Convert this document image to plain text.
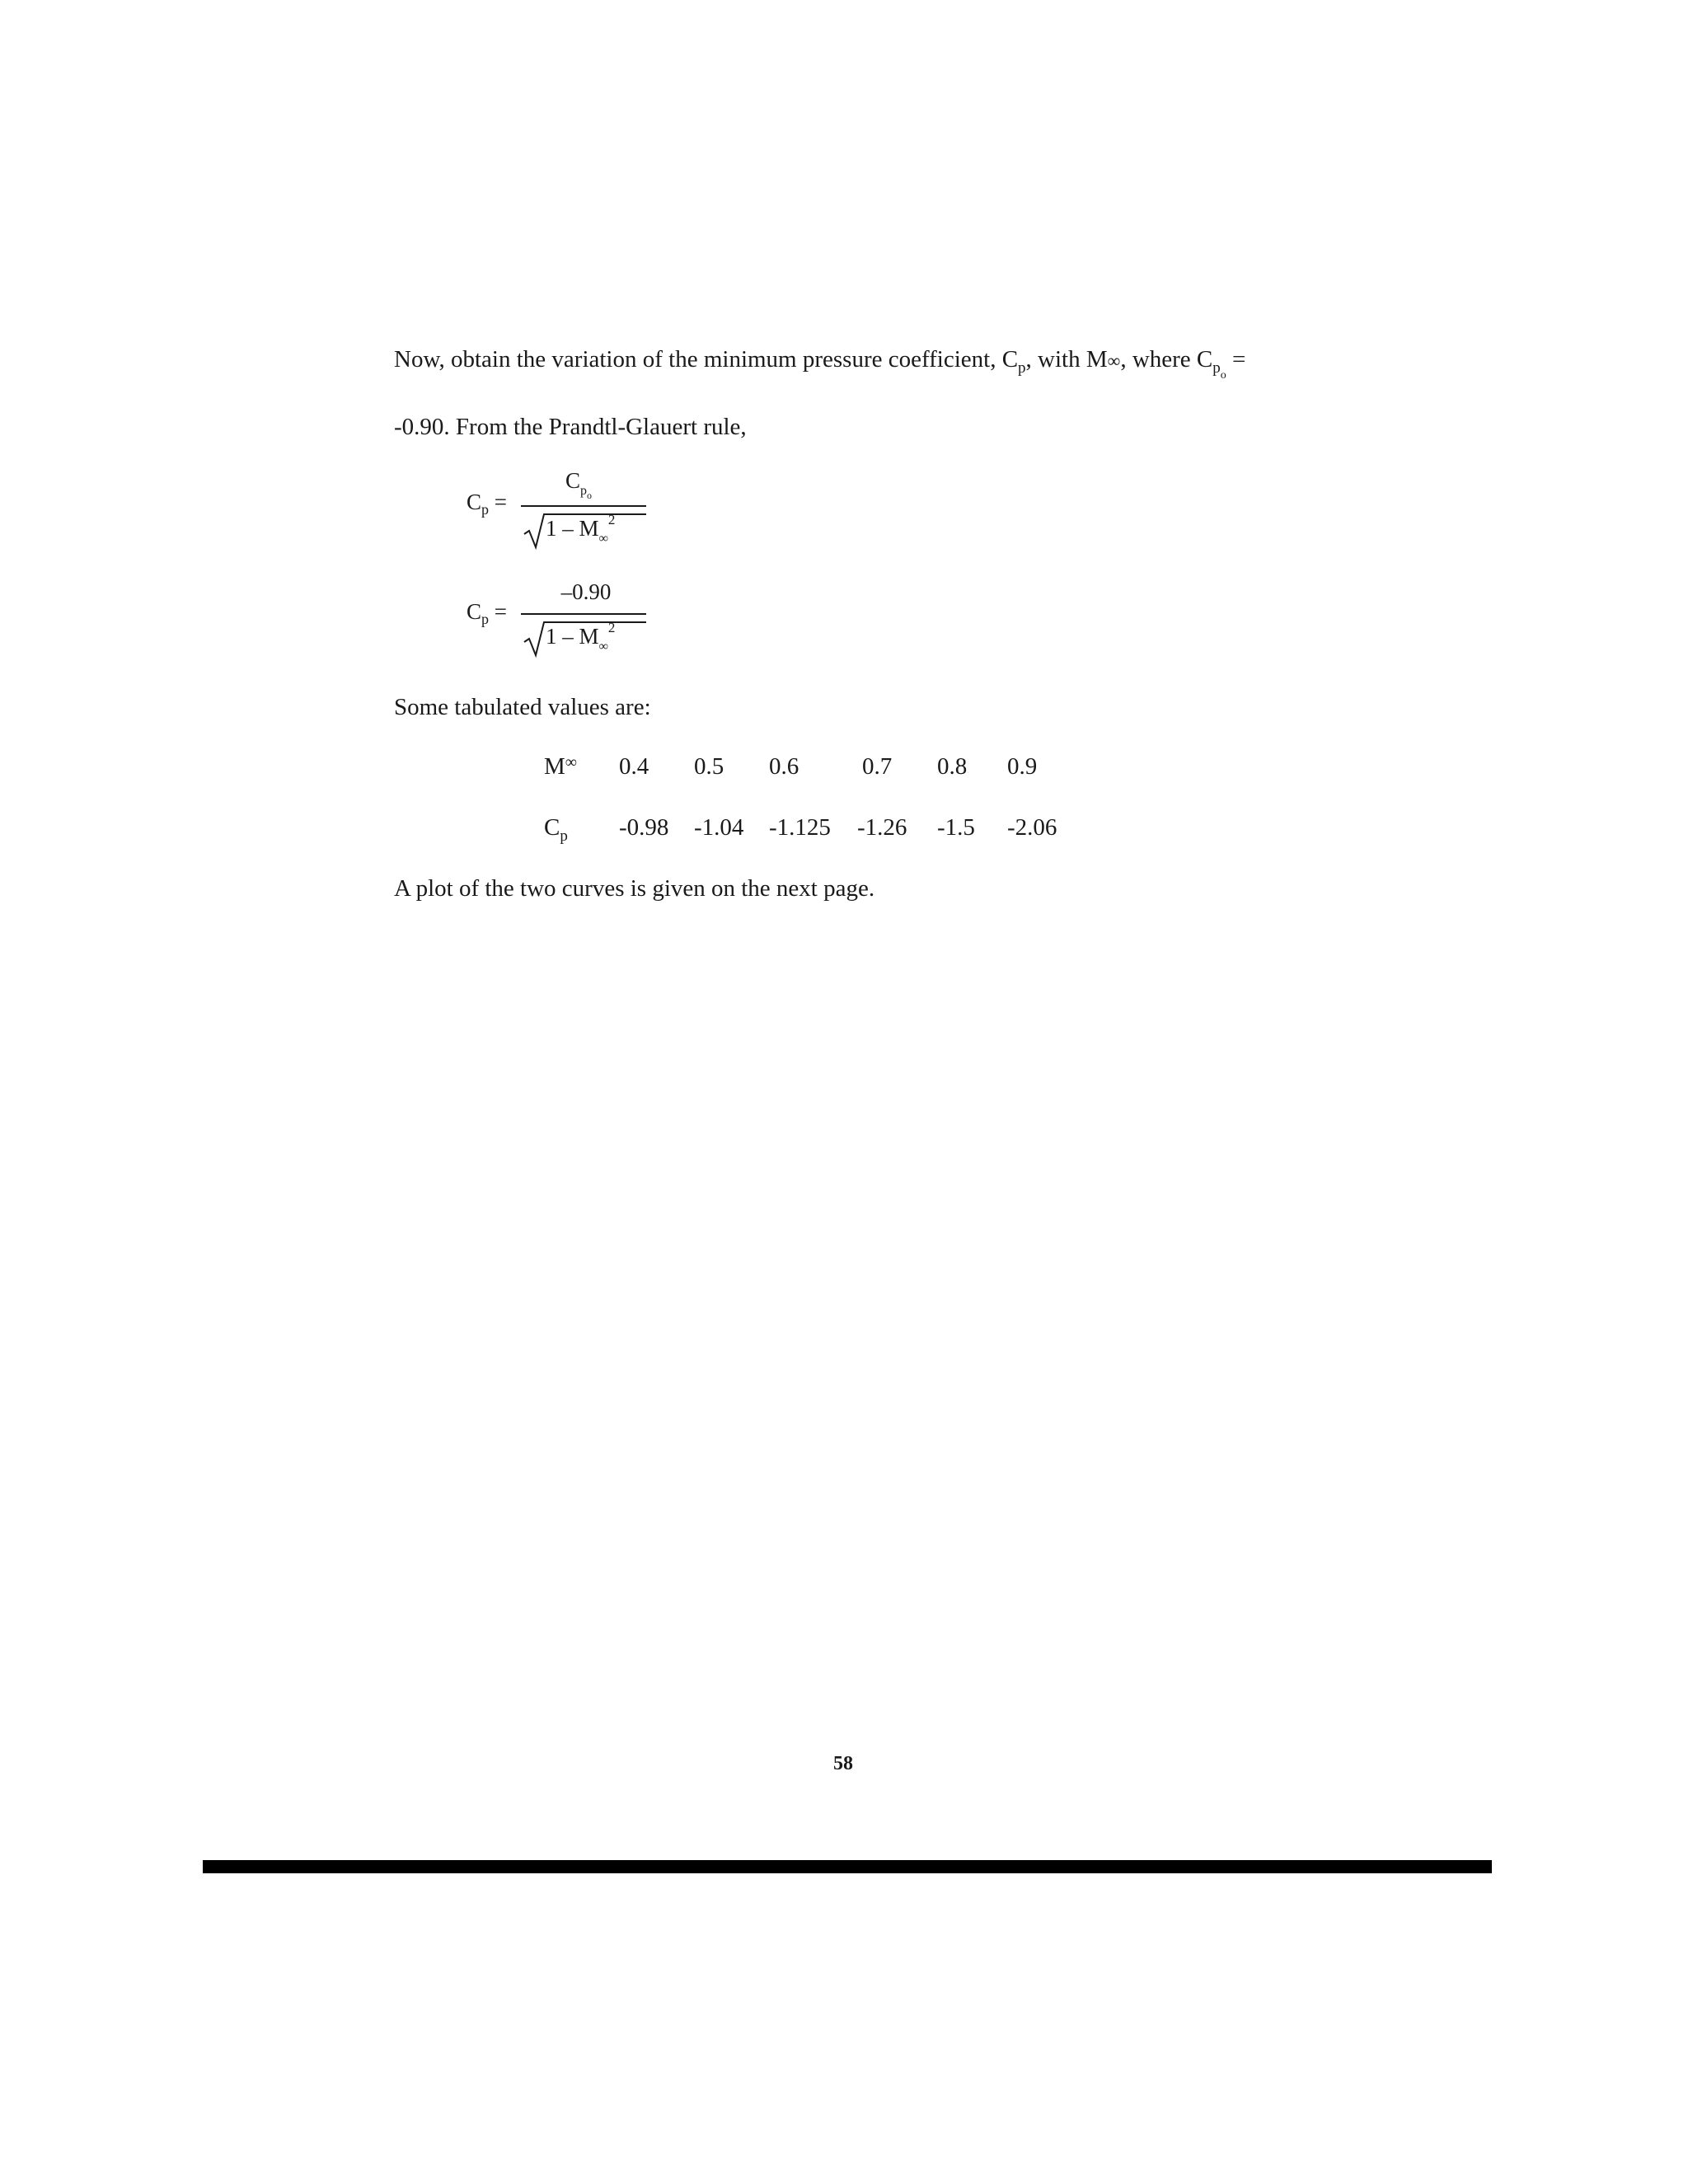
Now, obtain the variation of the minimum pressure coefficient, $C_p$, with M∞, where $C_{po}$ =
-0.90. From the Prandtl-Glauert rule,
$C_p$ =
$C_{po}$
$1 - M_\infty^2$
$C_p$ =
–0.90
$1 - M_\infty^2$
Some tabulated values are:
M ∞ 0.4 0.5 0.6	0.7 0.8 0.9
$C_p$ -0.98 -1.04 -1.125 -1.26 -1.5 -2.06
A plot of the two curves is given on the next page.
58
